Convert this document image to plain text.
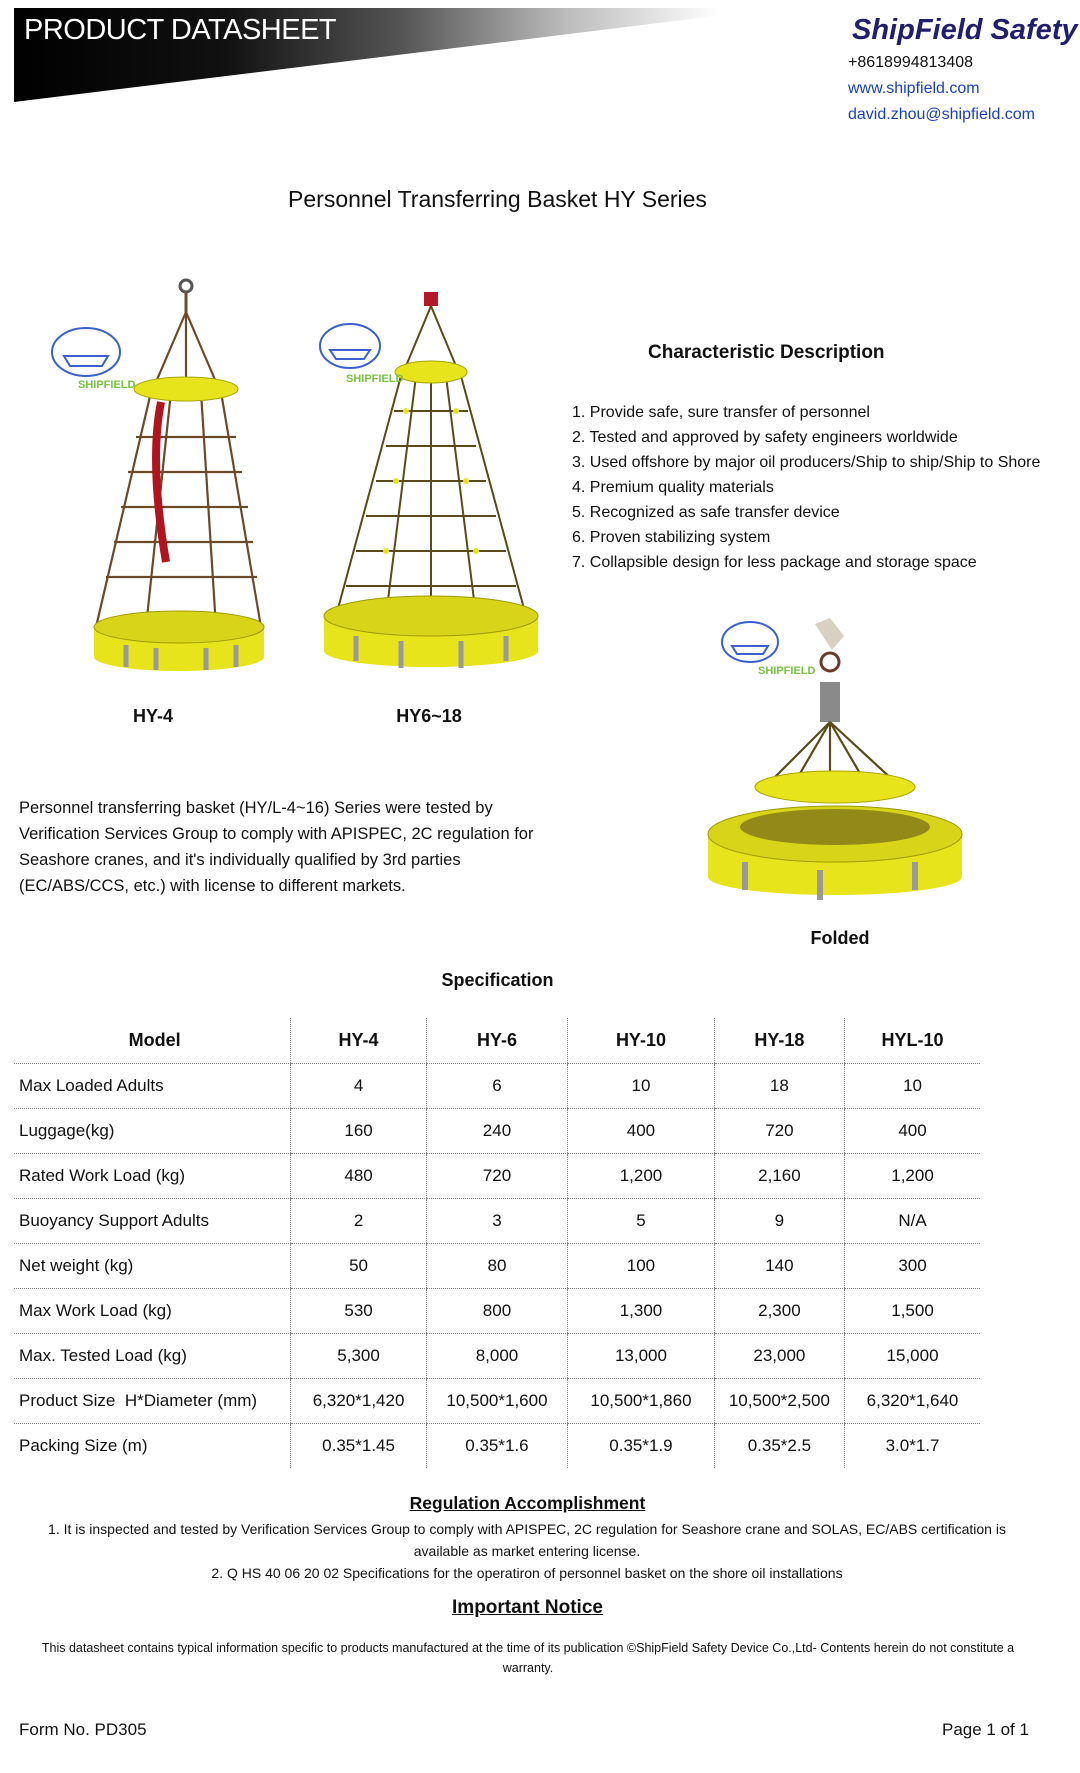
PRODUCT DATASHEET	ShipField Safety
+8618994813408
www.shipfield.com
david.zhou@shipfield.com
Personnel Transferring Basket HY Series
SHIPFIELD
HY-4
SHIPFIELD
HY6~18
Characteristic Description
1. Provide safe, sure transfer of personnel
2. Tested and approved by safety engineers worldwide
3. Used offshore by major oil producers/Ship to ship/Ship to Shore
4. Premium quality materials
5. Recognized as safe transfer device
6. Proven stabilizing system
7. Collapsible design for less package and storage space
SHIPFIELD
Folded
Personnel transferring basket (HY/L-4~16) Series were tested by Verification Services Group to comply with APISPEC, 2C regulation for Seashore cranes, and it's individually qualified by 3rd parties (EC/ABS/CCS, etc.) with license to different markets.
Specification
Model	HY-4	HY-6	HY-10	HY-18	HYL-10
Max Loaded Adults	4	6	10	18	10
Luggage(kg)	160	240	400	720	400
Rated Work Load (kg)	480	720	1,200	2,160	1,200
Buoyancy Support Adults	2	3	5	9	N/A
Net weight (kg)	50	80	100	140	300
Max Work Load (kg)	530	800	1,300	2,300	1,500
Max. Tested Load (kg)	5,300	8,000	13,000	23,000	15,000
Product Size  H*Diameter (mm)	6,320*1,420	10,500*1,600	10,500*1,860	10,500*2,500	6,320*1,640
Packing Size (m)	0.35*1.45	0.35*1.6	0.35*1.9	0.35*2.5	3.0*1.7
Regulation Accomplishment
1. It is inspected and tested by Verification Services Group to comply with APISPEC, 2C regulation for Seashore crane and SOLAS, EC/ABS certification is available as market entering license.
2. Q HS 40 06 20 02 Specifications for the operatiron of personnel basket on the shore oil installations
Important Notice
This datasheet contains typical information specific to products manufactured at the time of its publication ©ShipField Safety Device Co.,Ltd- Contents herein do not constitute a warranty.
Form No. PD305	Page 1 of 1
